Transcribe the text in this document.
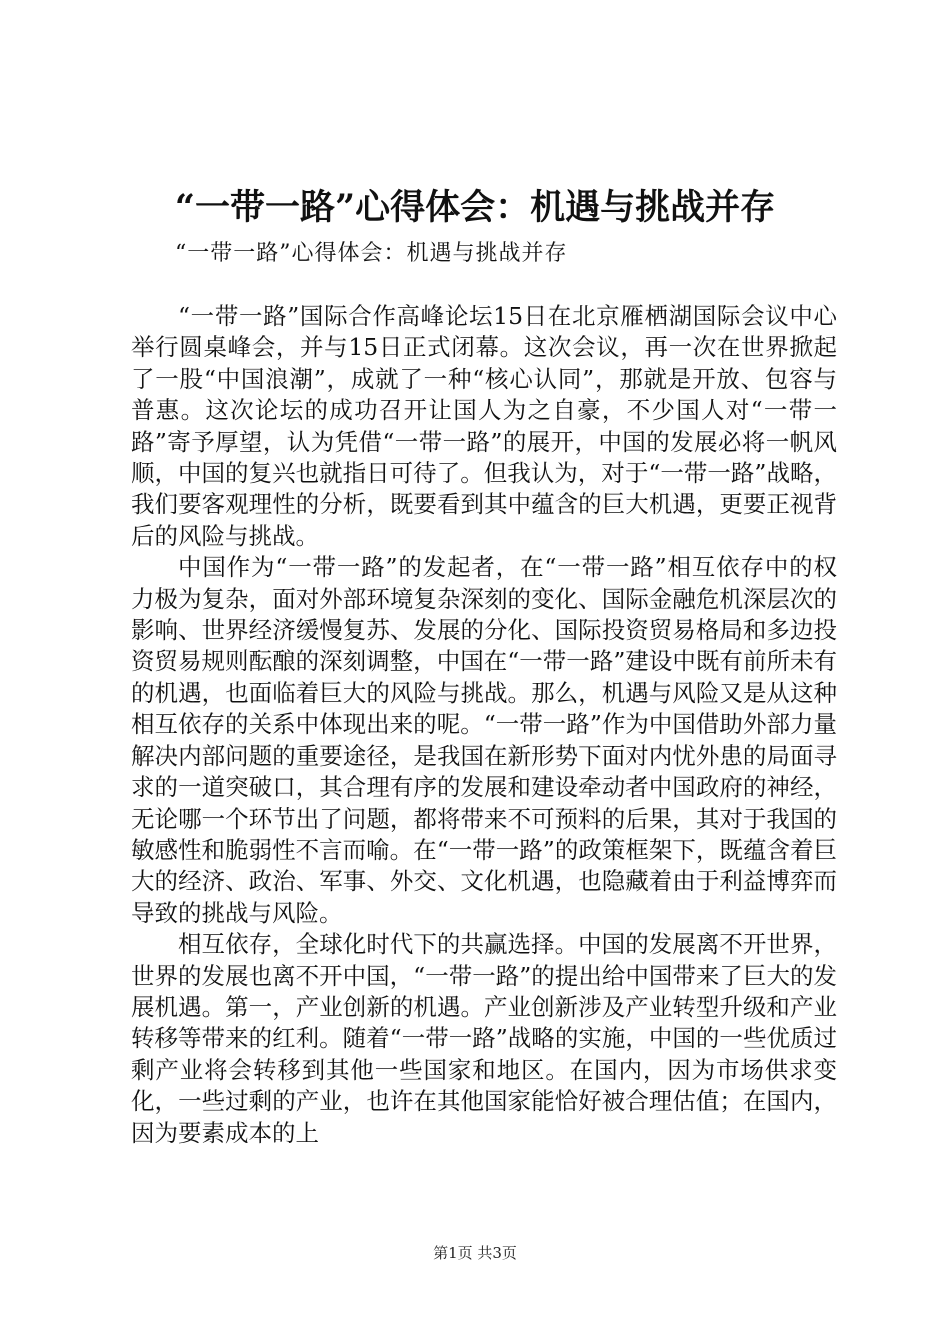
“一带一路”心得体会：机遇与挑战并存
“一带一路”心得体会：机遇与挑战并存

“一带一路”国际合作高峰论坛15日在北京雁栖湖国际会议中心举行圆桌峰会，并与15日正式闭幕。这次会议，再一次在世界掀起了一股“中国浪潮”，成就了一种“核心认同”，那就是开放、包容与普惠。这次论坛的成功召开让国人为之自豪，不少国人对“一带一路”寄予厚望，认为凭借“一带一路”的展开，中国的发展必将一帆风顺，中国的复兴也就指日可待了。但我认为，对于“一带一路”战略，我们要客观理性的分析，既要看到其中蕴含的巨大机遇，更要正视背后的风险与挑战。

中国作为“一带一路”的发起者，在“一带一路”相互依存中的权力极为复杂，面对外部环境复杂深刻的变化、国际金融危机深层次的影响、世界经济缓慢复苏、发展的分化、国际投资贸易格局和多边投资贸易规则酝酿的深刻调整，中国在“一带一路”建设中既有前所未有的机遇，也面临着巨大的风险与挑战。那么，机遇与风险又是从这种相互依存的关系中体现出来的呢。“一带一路”作为中国借助外部力量解决内部问题的重要途径，是我国在新形势下面对内忧外患的局面寻求的一道突破口，其合理有序的发展和建设牵动者中国政府的神经，无论哪一个环节出了问题，都将带来不可预料的后果，其对于我国的敏感性和脆弱性不言而喻。在“一带一路”的政策框架下，既蕴含着巨大的经济、政治、军事、外交、文化机遇，也隐藏着由于利益博弈而导致的挑战与风险。

相互依存，全球化时代下的共赢选择。中国的发展离不开世界，世界的发展也离不开中国，“一带一路”的提出给中国带来了巨大的发展机遇。第一，产业创新的机遇。产业创新涉及产业转型升级和产业转移等带来的红利。随着“一带一路”战略的实施，中国的一些优质过剩产业将会转移到其他一些国家和地区。在国内，因为市场供求变化，一些过剩的产业，也许在其他国家能恰好被合理估值；在国内，因为要素成本的上

第1页 共3页
